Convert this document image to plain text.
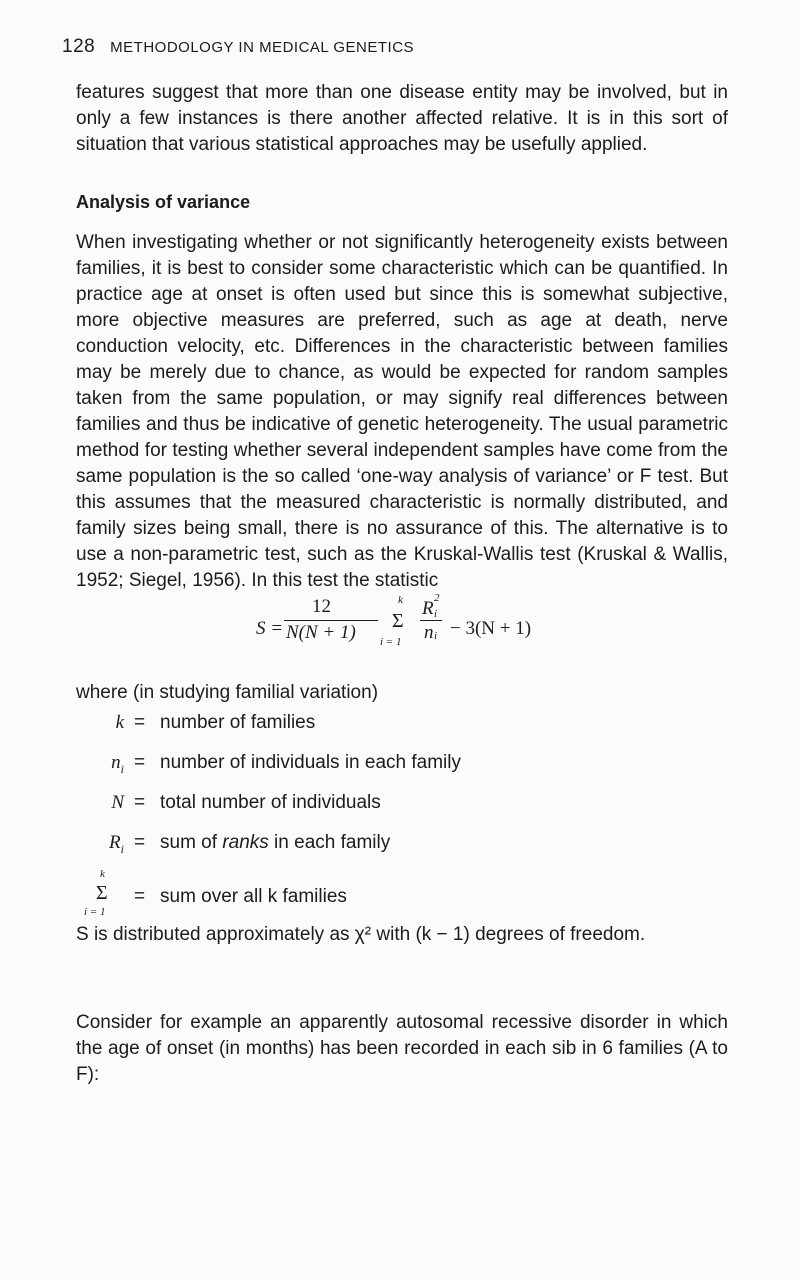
128 METHODOLOGY IN MEDICAL GENETICS
features suggest that more than one disease entity may be involved, but in only a few instances is there another affected relative. It is in this sort of situation that various statistical approaches may be usefully applied.
Analysis of variance
When investigating whether or not significantly heterogeneity exists between families, it is best to consider some characteristic which can be quantified. In practice age at onset is often used but since this is somewhat subjective, more objective measures are preferred, such as age at death, nerve conduction velocity, etc. Differences in the characteristic between families may be merely due to chance, as would be expected for random samples taken from the same population, or may signify real differences between families and thus be indicative of genetic heterogeneity. The usual parametric method for testing whether several independent samples have come from the same population is the so called ‘one-way analysis of variance’ or F test. But this assumes that the measured characteristic is normally distributed, and family sizes being small, there is no assurance of this. The alternative is to use a non-parametric test, such as the Kruskal-Wallis test (Kruskal & Wallis, 1952; Siegel, 1956). In this test the statistic
S =
12
N(N + 1)
k
Σ
i = 1
R 2
i
n i − 3(N + 1)
where (in studying familial variation)
k = number of families
$n_i$ = number of individuals in each family
N = total number of individuals
$R_i$ = sum of ranks in each family
k
Σ
i = 1
= sum over all k families
S is distributed approximately as χ² with (k − 1) degrees of freedom.
Consider for example an apparently autosomal recessive disorder in which the age of onset (in months) has been recorded in each sib in 6 families (A to F):
